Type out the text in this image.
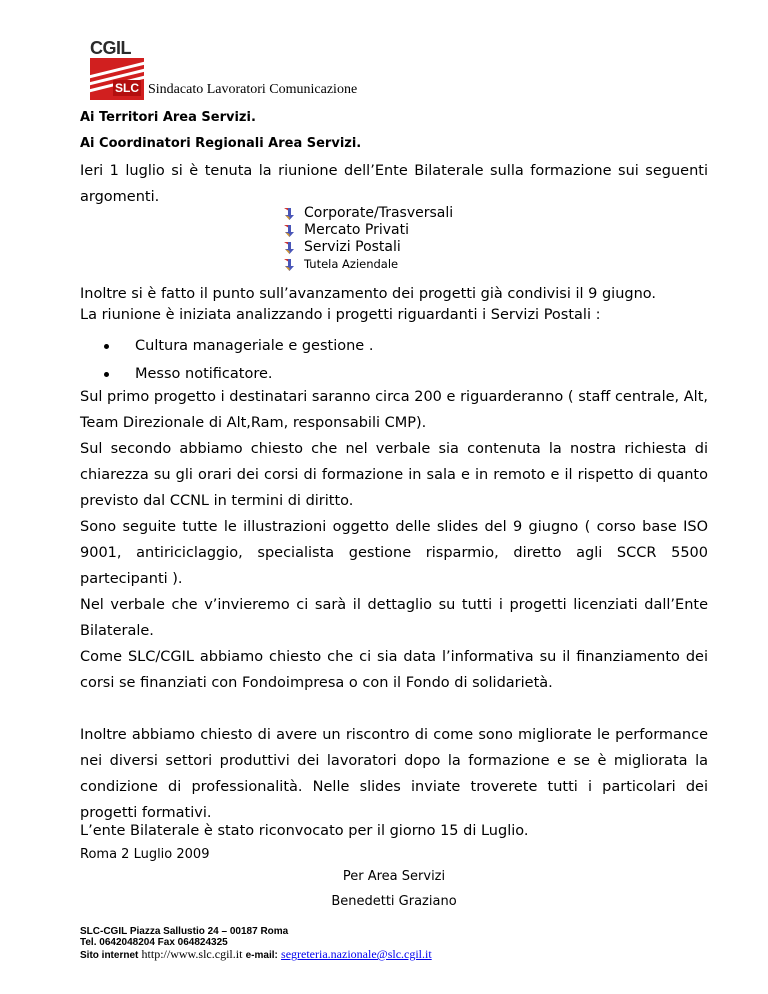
CGIL
SLC Sindacato Lavoratori Comunicazione
Ai Territori Area Servizi.
Ai Coordinatori Regionali Area Servizi.
Ieri 1 luglio si è tenuta la riunione dell’Ente Bilaterale sulla formazione sui seguenti argomenti.
Corporate/Trasversali
Mercato Privati
Servizi Postali
Tutela Aziendale
Inoltre si è fatto il punto sull’avanzamento dei progetti già condivisi il 9 giugno.
La riunione è iniziata analizzando i progetti riguardanti i Servizi Postali :
Cultura manageriale e gestione .
Messo notificatore.
Sul primo progetto i destinatari saranno circa 200 e riguarderanno ( staff centrale, Alt, Team Direzionale di Alt,Ram, responsabili CMP).
Sul secondo abbiamo chiesto che nel verbale sia contenuta la nostra richiesta di chiarezza su gli orari dei corsi di formazione in sala e in remoto e il rispetto di quanto previsto dal CCNL in termini di diritto.
Sono seguite tutte le illustrazioni oggetto delle slides del 9 giugno ( corso base ISO 9001, antiriciclaggio, specialista gestione risparmio, diretto agli SCCR 5500 partecipanti ).
Nel verbale che v’invieremo ci sarà il dettaglio su tutti i progetti licenziati dall’Ente Bilaterale.
Come SLC/CGIL abbiamo chiesto che ci sia data l’informativa su il finanziamento dei corsi se finanziati con Fondoimpresa o con il Fondo di solidarietà.
Inoltre abbiamo chiesto di avere un riscontro di come sono migliorate le performance nei diversi settori produttivi dei lavoratori dopo la formazione e se è migliorata la condizione di professionalità. Nelle slides inviate troverete tutti i particolari dei progetti formativi.
L’ente Bilaterale è stato riconvocato per il giorno 15 di Luglio.
Roma 2 Luglio 2009
Per Area Servizi
Benedetti Graziano
SLC-CGIL Piazza Sallustio 24 – 00187 Roma
Tel. 0642048204 Fax 064824325
Sito internet http://www.slc.cgil.it e-mail: segreteria.nazionale@slc.cgil.it
